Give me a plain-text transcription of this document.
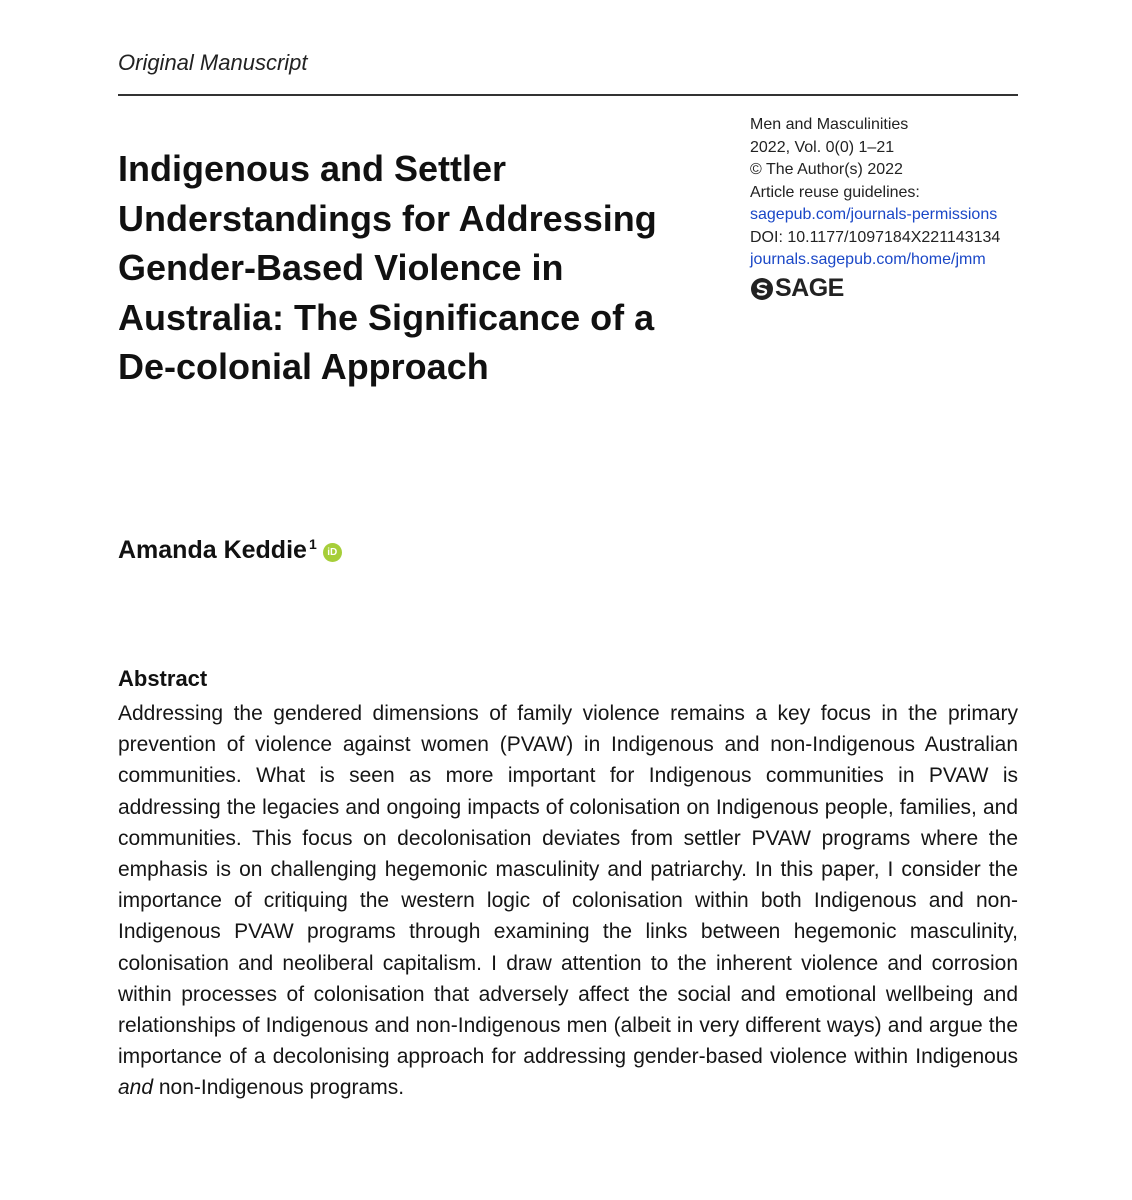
Original Manuscript
Indigenous and Settler Understandings for Addressing Gender-Based Violence in Australia: The Significance of a De-colonial Approach
Men and Masculinities
2022, Vol. 0(0) 1–21
© The Author(s) 2022
Article reuse guidelines:
sagepub.com/journals-permissions
DOI: 10.1177/1097184X221143134
journals.sagepub.com/home/jmm
SAGE
Amanda Keddie$^1$
iD
Abstract

Addressing the gendered dimensions of family violence remains a key focus in the primary prevention of violence against women (PVAW) in Indigenous and non-Indigenous Australian communities. What is seen as more important for Indigenous communities in PVAW is addressing the legacies and ongoing impacts of colonisation on Indigenous people, families, and communities. This focus on decolonisation deviates from settler PVAW programs where the emphasis is on challenging hegemonic masculinity and patriarchy. In this paper, I consider the importance of critiquing the western logic of colonisation within both Indigenous and non-Indigenous PVAW programs through examining the links between hegemonic masculinity, colonisation and neoliberal capitalism. I draw attention to the inherent violence and corrosion within processes of colonisation that adversely affect the social and emotional wellbeing and relationships of Indigenous and non-Indigenous men (albeit in very different ways) and argue the importance of a decolonising approach for addressing gender-based violence within Indigenous and non-Indigenous programs.
